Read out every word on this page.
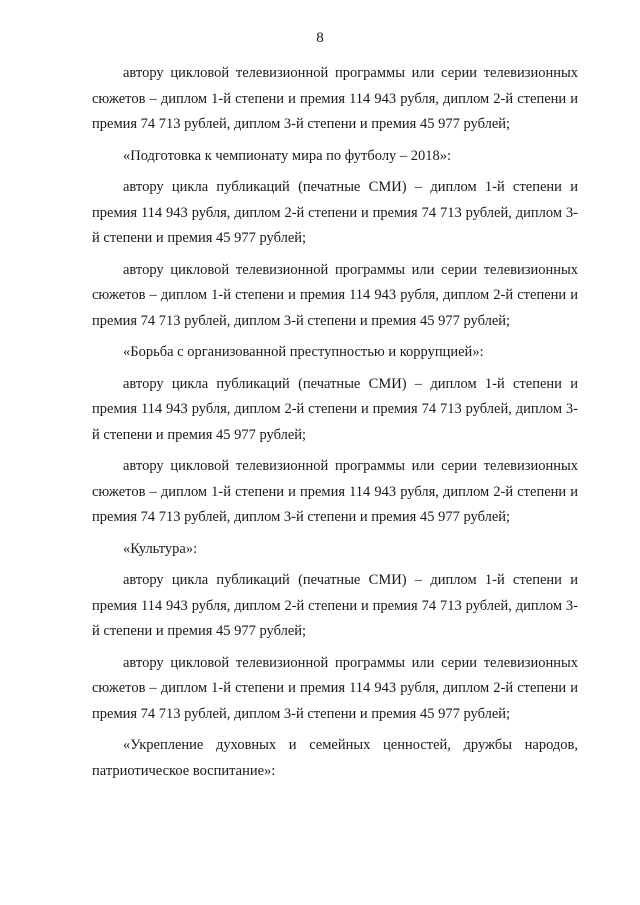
8

автору цикловой телевизионной программы или серии телевизионных сюжетов – диплом 1-й степени и премия 114 943 рубля, диплом 2-й степени и премия 74 713 рублей, диплом 3-й степени и премия 45 977 рублей;

«Подготовка к чемпионату мира по футболу – 2018»:

автору цикла публикаций (печатные СМИ) – диплом 1-й степени и премия 114 943 рубля, диплом 2-й степени и премия 74 713 рублей, диплом 3-й степени и премия 45 977 рублей;

автору цикловой телевизионной программы или серии телевизионных сюжетов – диплом 1-й степени и премия 114 943 рубля, диплом 2-й степени и премия 74 713 рублей, диплом 3-й степени и премия 45 977 рублей;

«Борьба с организованной преступностью и коррупцией»:

автору цикла публикаций (печатные СМИ) – диплом 1-й степени и премия 114 943 рубля, диплом 2-й степени и премия 74 713 рублей, диплом 3-й степени и премия 45 977 рублей;

автору цикловой телевизионной программы или серии телевизионных сюжетов – диплом 1-й степени и премия 114 943 рубля, диплом 2-й степени и премия 74 713 рублей, диплом 3-й степени и премия 45 977 рублей;

«Культура»:

автору цикла публикаций (печатные СМИ) – диплом 1-й степени и премия 114 943 рубля, диплом 2-й степени и премия 74 713 рублей, диплом 3-й степени и премия 45 977 рублей;

автору цикловой телевизионной программы или серии телевизионных сюжетов – диплом 1-й степени и премия 114 943 рубля, диплом 2-й степени и премия 74 713 рублей, диплом 3-й степени и премия 45 977 рублей;

«Укрепление духовных и семейных ценностей, дружбы народов, патриотическое воспитание»:
